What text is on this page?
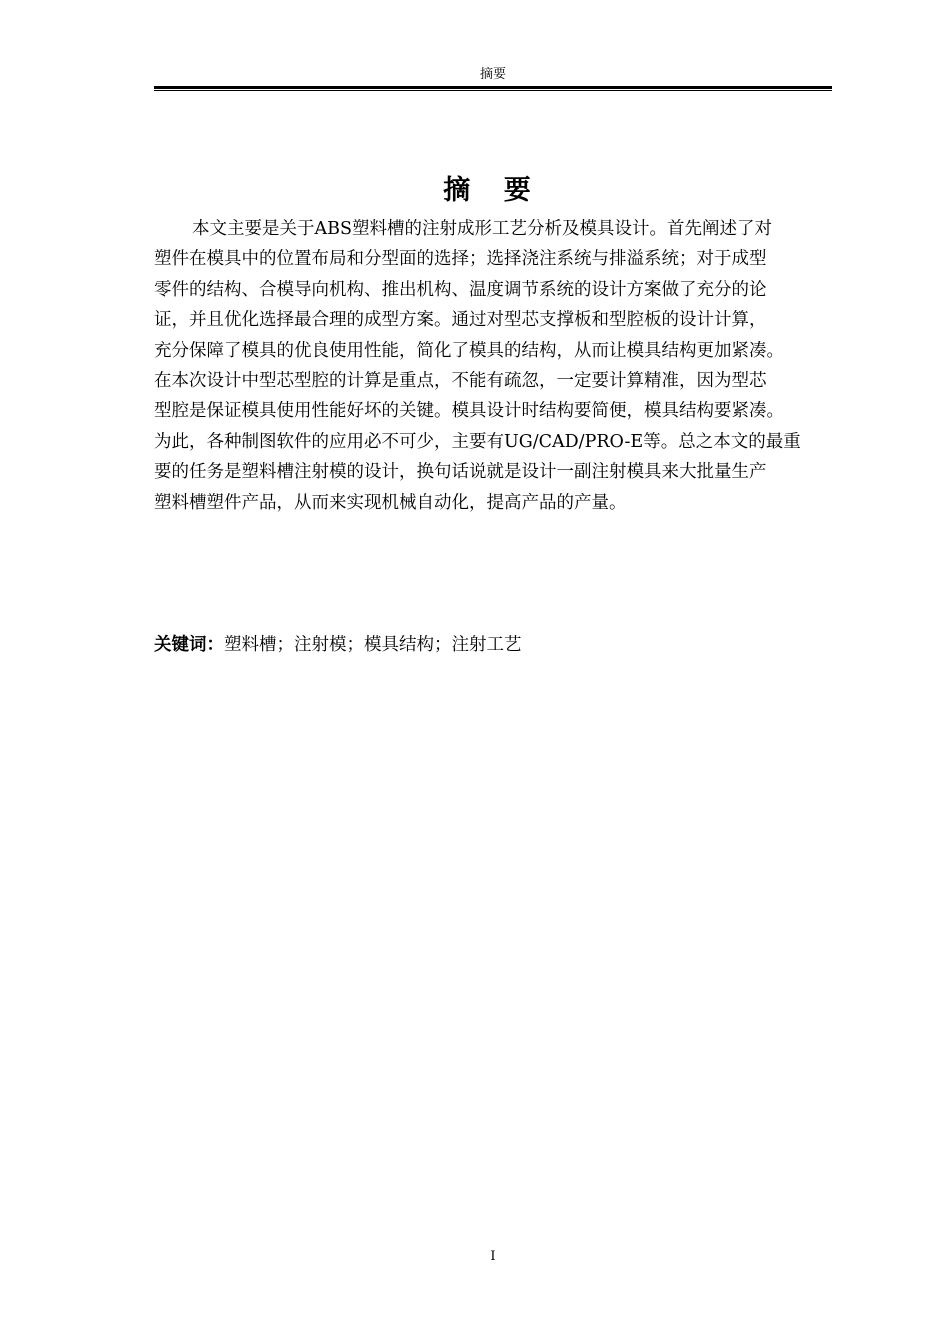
摘要
摘 要
本文主要是关于ABS塑料槽的注射成形工艺分析及模具设计。首先阐述了对
塑件在模具中的位置布局和分型面的选择；选择浇注系统与排溢系统；对于成型
零件的结构、合模导向机构、推出机构、温度调节系统的设计方案做了充分的论
证，并且优化选择最合理的成型方案。通过对型芯支撑板和型腔板的设计计算，
充分保障了模具的优良使用性能，简化了模具的结构，从而让模具结构更加紧凑。
在本次设计中型芯型腔的计算是重点，不能有疏忽，一定要计算精准，因为型芯
型腔是保证模具使用性能好坏的关键。模具设计时结构要简便，模具结构要紧凑。
为此，各种制图软件的应用必不可少，主要有UG/CAD/PRO-E等。总之本文的最重
要的任务是塑料槽注射模的设计，换句话说就是设计一副注射模具来大批量生产
塑料槽塑件产品，从而来实现机械自动化，提高产品的产量。
关键词：塑料槽；注射模；模具结构；注射工艺
I
